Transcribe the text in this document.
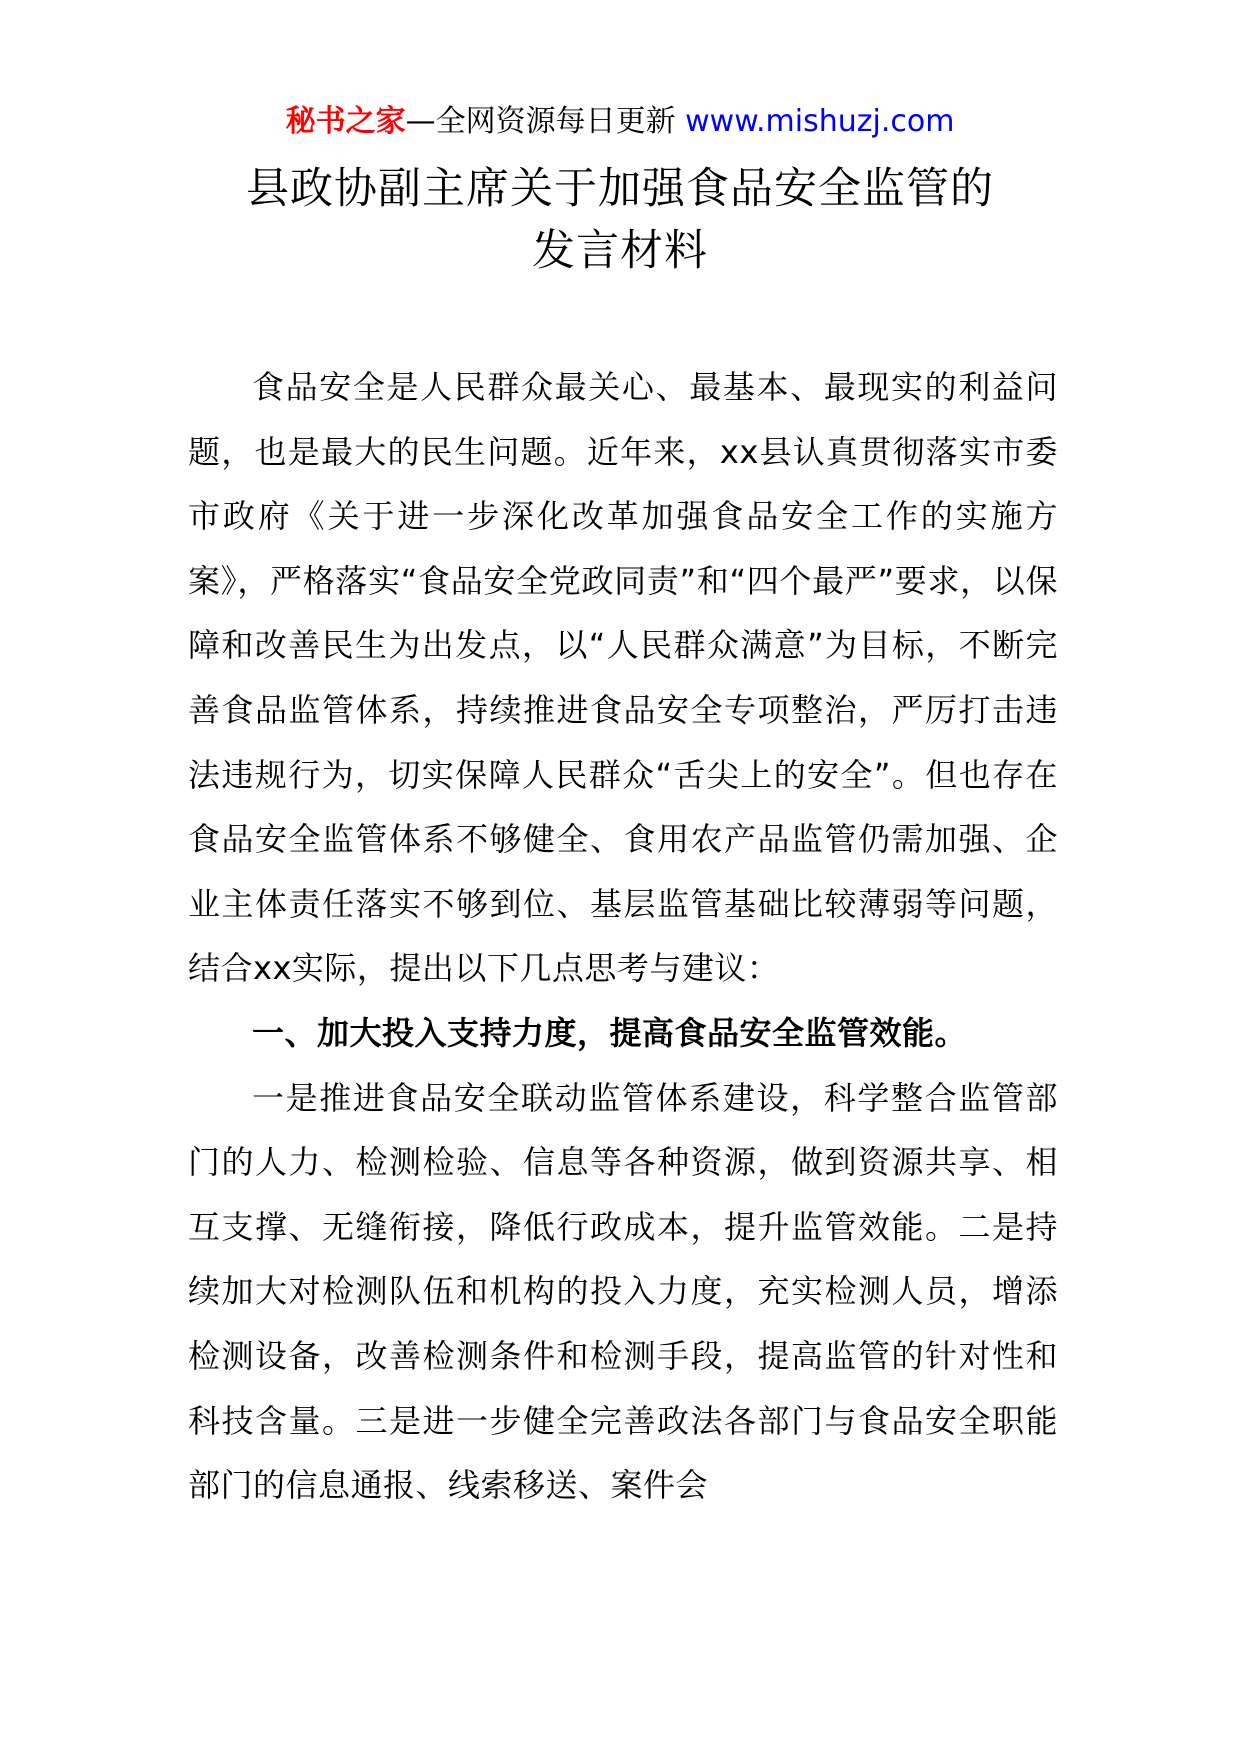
秘书之家—全网资源每日更新 www.mishuzj.com
县政协副主席关于加强食品安全监管的
发言材料

食品安全是人民群众最关心、最基本、最现实的利益问题，也是最大的民生问题。近年来，xx县认真贯彻落实市委市政府《关于进一步深化改革加强食品安全工作的实施方案》，严格落实“食品安全党政同责”和“四个最严”要求，以保障和改善民生为出发点，以“人民群众满意”为目标，不断完善食品监管体系，持续推进食品安全专项整治，严厉打击违法违规行为，切实保障人民群众“舌尖上的安全”。但也存在食品安全监管体系不够健全、食用农产品监管仍需加强、企业主体责任落实不够到位、基层监管基础比较薄弱等问题，结合xx实际，提出以下几点思考与建议：

一、加大投入支持力度，提高食品安全监管效能。

一是推进食品安全联动监管体系建设，科学整合监管部门的人力、检测检验、信息等各种资源，做到资源共享、相互支撑、无缝衔接，降低行政成本，提升监管效能。二是持续加大对检测队伍和机构的投入力度，充实检测人员，增添检测设备，改善检测条件和检测手段，提高监管的针对性和科技含量。三是进一步健全完善政法各部门与食品安全职能部门的信息通报、线索移送、案件会
